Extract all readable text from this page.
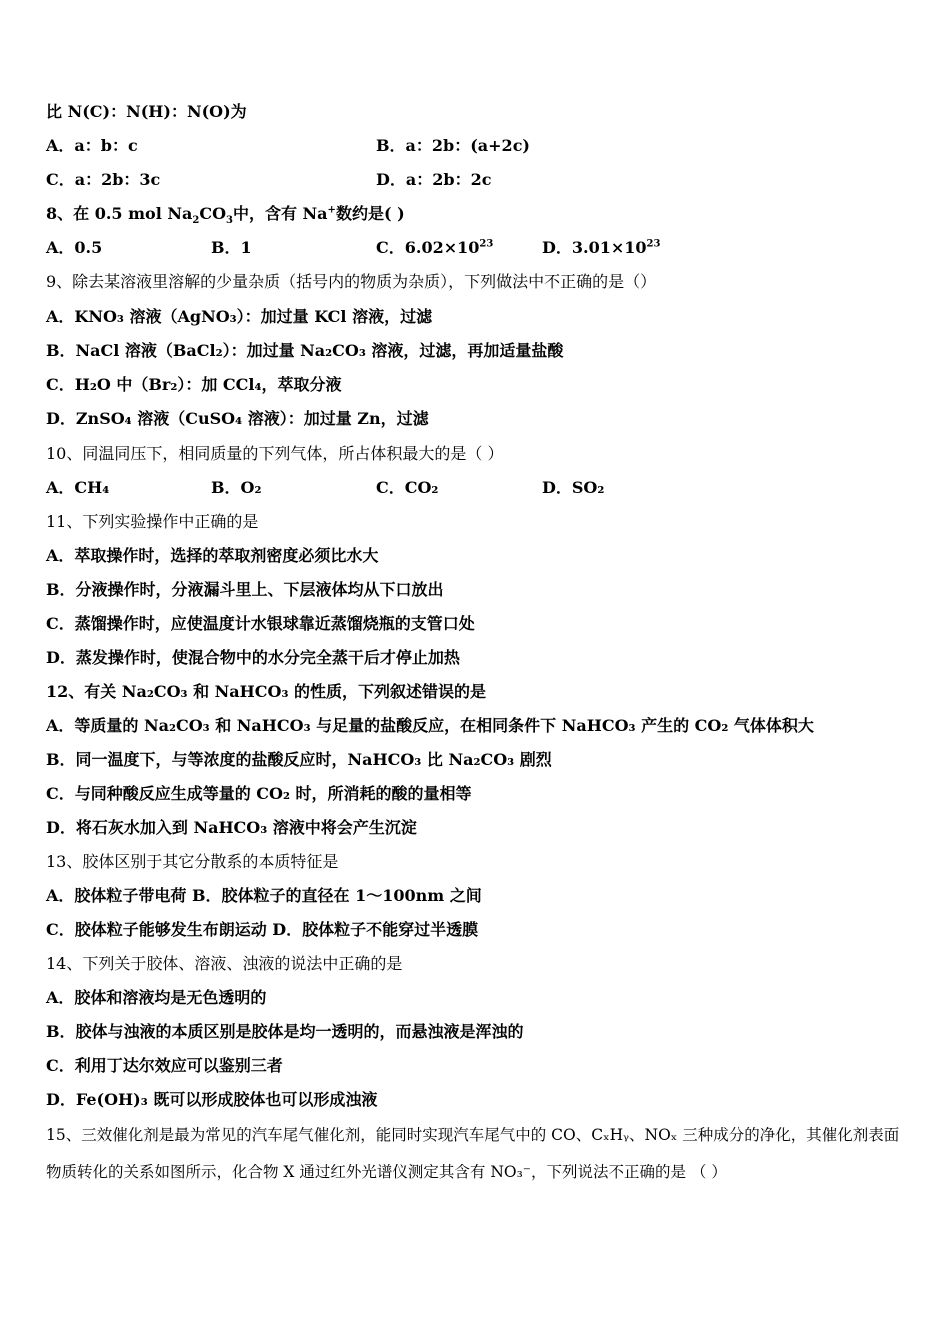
比 N(C)：N(H)：N(O)为
A．a：b：c	B．a：2b：(a+2c)
C．a：2b：3c	D．a：2b：2c
8、在 0.5 mol $Na_2CO_3$中，含有 Na+数约是( )
A．0.5	B．1	C．$6.02\times 10^{23}$	D．$3.01\times 10^{23}$
9、除去某溶液里溶解的少量杂质（括号内的物质为杂质），下列做法中不正确的是（）
A．KNO₃ 溶液（AgNO₃）：加过量 KCl 溶液，过滤
B．NaCl 溶液（BaCl₂）：加过量 Na₂CO₃ 溶液，过滤，再加适量盐酸
C．H₂O 中（Br₂）：加 CCl₄，萃取分液
D．ZnSO₄ 溶液（CuSO₄ 溶液）：加过量 Zn，过滤
10、同温同压下，相同质量的下列气体，所占体积最大的是（ ）
A．CH₄	B．O₂	C．CO₂	D．SO₂
11、下列实验操作中正确的是
A．萃取操作时，选择的萃取剂密度必须比水大
B．分液操作时，分液漏斗里上、下层液体均从下口放出
C．蒸馏操作时，应使温度计水银球靠近蒸馏烧瓶的支管口处
D．蒸发操作时，使混合物中的水分完全蒸干后才停止加热
12、有关 Na₂CO₃ 和 NaHCO₃ 的性质，下列叙述错误的是
A．等质量的 Na₂CO₃ 和 NaHCO₃ 与足量的盐酸反应，在相同条件下 NaHCO₃ 产生的 CO₂ 气体体积大
B．同一温度下，与等浓度的盐酸反应时，NaHCO₃ 比 Na₂CO₃ 剧烈
C．与同种酸反应生成等量的 CO₂ 时，所消耗的酸的量相等
D．将石灰水加入到 NaHCO₃ 溶液中将会产生沉淀
13、胶体区别于其它分散系的本质特征是
A．胶体粒子带电荷 B．胶体粒子的直径在 1～100nm 之间
C．胶体粒子能够发生布朗运动 D．胶体粒子不能穿过半透膜
14、下列关于胶体、溶液、浊液的说法中正确的是
A．胶体和溶液均是无色透明的
B．胶体与浊液的本质区别是胶体是均一透明的，而悬浊液是浑浊的
C．利用丁达尔效应可以鉴别三者
D．Fe(OH)₃ 既可以形成胶体也可以形成浊液
15、三效催化剂是最为常见的汽车尾气催化剂，能同时实现汽车尾气中的 CO、CₓHᵧ、NOₓ 三种成分的净化，其催化剂表面
物质转化的关系如图所示，化合物 X 通过红外光谱仪测定其含有 NO₃⁻，下列说法不正确的是 （ ）
